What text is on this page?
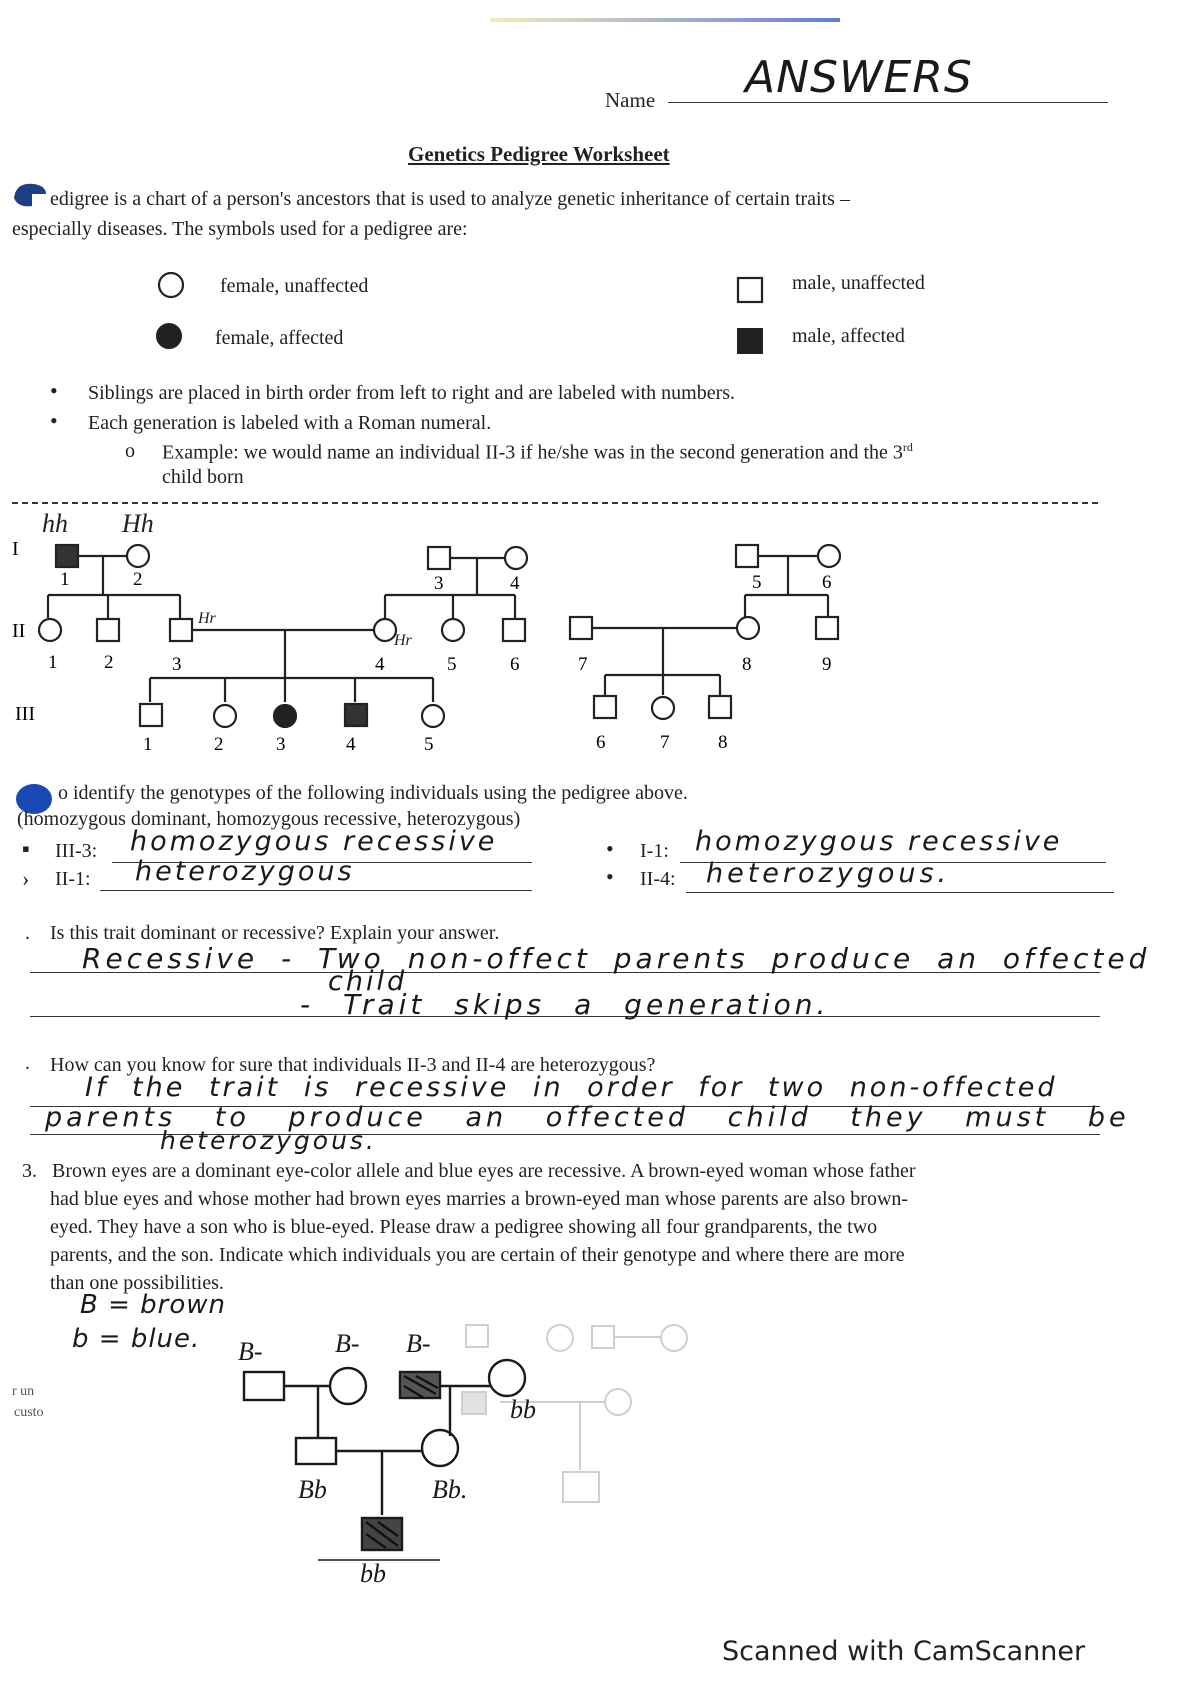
Name ANSWERS
Genetics Pedigree Worksheet
edigree is a chart of a person's ancestors that is used to analyze genetic inheritance of certain traits –
especially diseases. The symbols used for a pedigree are:
female, unaffected
female, affected
male, unaffected
male, affected
• Siblings are placed in birth order from left to right and are labeled with numbers.
• Each generation is labeled with a Roman numeral.
o Example: we would name an individual II-3 if he/she was in the second generation and the 3rd
child born
I
II
III
1	2	3	4	5	6
1 2	3	4	5	6	7	8	9
1	2	3	4	5	6	7	8
hh Hh
Hr
Hr
o identify the genotypes of the following individuals using the pedigree above.
(homozygous dominant, homozygous recessive, heterozygous)
▪ III-3: homozygous recessive	• I-1: homozygous recessive
› II-1: heterozygous	• II-4: heterozygous.
. Is this trait dominant or recessive? Explain your answer.
Recessive - Two non-offect parents produce an offected
child
- Trait skips a generation.
. How can you know for sure that individuals II-3 and II-4 are heterozygous?
If the trait is recessive in order for two non-offected
parents to produce an offected child they must be
heterozygous.
3. Brown eyes are a dominant eye-color allele and blue eyes are recessive. A brown-eyed woman whose father
had blue eyes and whose mother had brown eyes marries a brown-eyed man whose parents are also brown-
eyed. They have a son who is blue-eyed. Please draw a pedigree showing all four grandparents, the two
parents, and the son. Indicate which individuals you are certain of their genotype and where there are more
than one possibilities.
B = brown
b = blue.
r un
custo
B-	B- B-
bb
Bb	Bb.
bb
Scanned with CamScanner
